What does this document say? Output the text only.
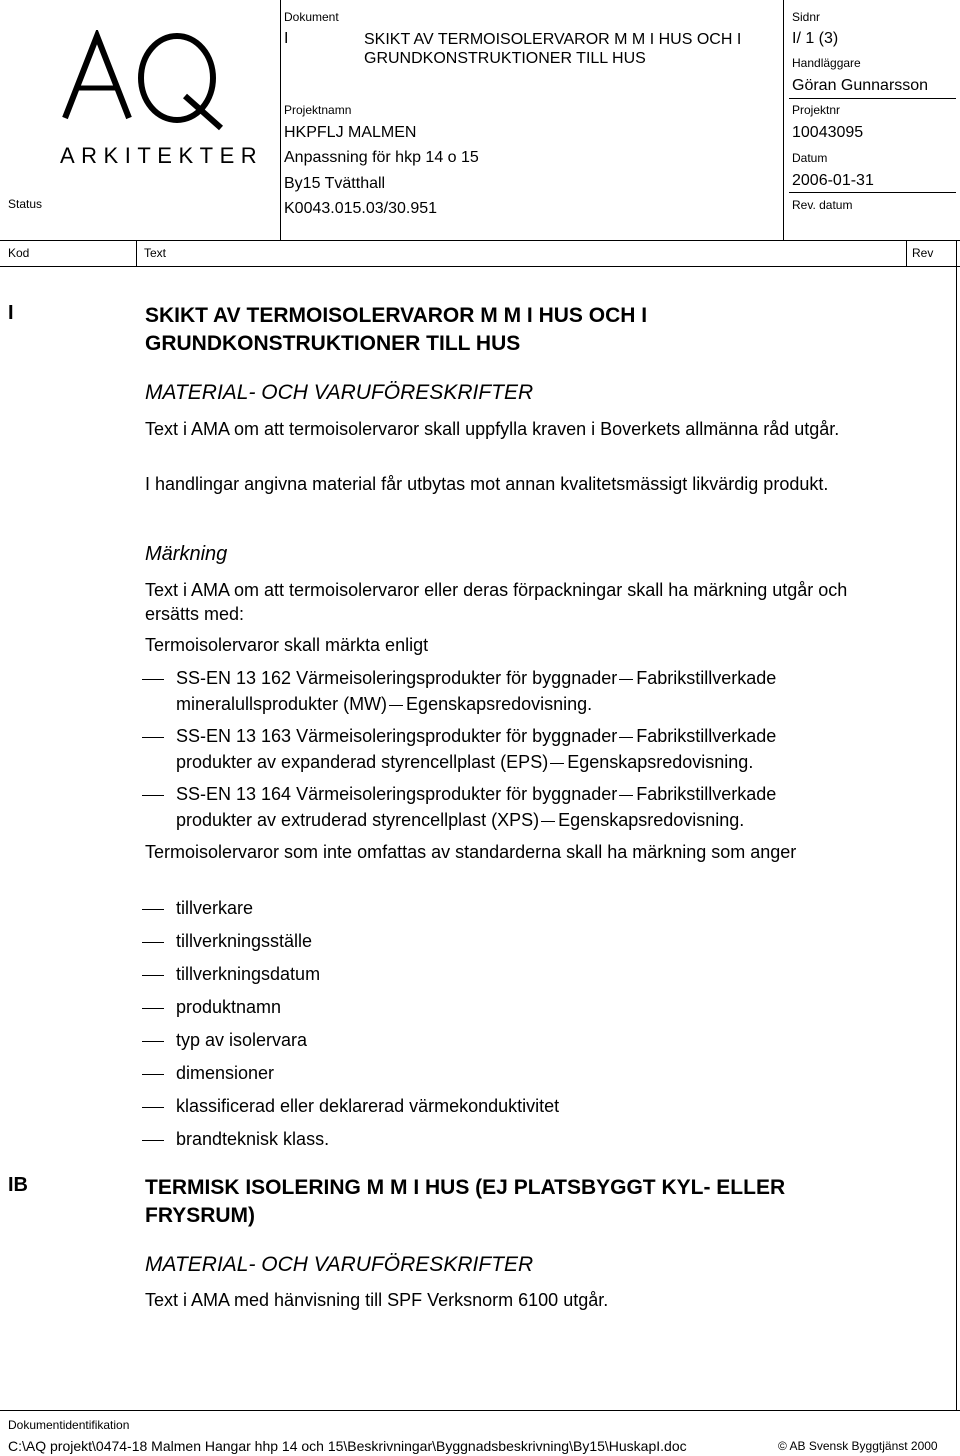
ARKITEKTER
Status
Dokument
I	SKIKT AV TERMOISOLERVAROR M M I HUS OCH I GRUNDKONSTRUKTIONER TILL HUS
Projektnamn
HKPFLJ MALMEN
Anpassning för hkp 14 o 15
By15 Tvätthall
K0043.015.03/30.951
Sidnr
I/ 1 (3)
Handläggare
Göran Gunnarsson
Projektnr
10043095
Datum
2006-01-31
Rev. datum
Kod	Text	Rev
I	SKIKT AV TERMOISOLERVAROR M M I HUS OCH I GRUNDKONSTRUKTIONER TILL HUS
MATERIAL- OCH VARUFÖRESKRIFTER

Text i AMA om att termoisolervaror skall uppfylla kraven i Boverkets allmänna råd utgår.

I handlingar angivna material får utbytas mot annan kvalitetsmässigt likvärdig produkt.

Märkning

Text i AMA om att termoisolervaror eller deras förpackningar skall ha märkning utgår och ersätts med:

Termoisolervaror skall märkta enligt

SS-EN 13 162 Värmeisoleringsprodukter för byggnader Fabrikstillverkade
mineralullsprodukter (MW) Egenskapsredovisning.
SS-EN 13 163 Värmeisoleringsprodukter för byggnader Fabrikstillverkade
produkter av expanderad styrencellplast (EPS) Egenskapsredovisning.
SS-EN 13 164 Värmeisoleringsprodukter för byggnader Fabrikstillverkade
produkter av extruderad styrencellplast (XPS) Egenskapsredovisning.

Termoisolervaror som inte omfattas av standarderna skall ha märkning som anger

tillverkare
tillverkningsställe
tillverkningsdatum
produktnamn
typ av isolervara
dimensioner
klassificerad eller deklarerad värmekonduktivitet
brandteknisk klass.
IB	TERMISK ISOLERING M M I HUS (EJ PLATSBYGGT KYL- ELLER FRYSRUM)
MATERIAL- OCH VARUFÖRESKRIFTER

Text i AMA med hänvisning till SPF Verksnorm 6100 utgår.

Dokumentidentifikation
C:\AQ projekt\0474-18 Malmen Hangar hhp 14 och 15\Beskrivningar\Byggnadsbeskrivning\By15\HuskapI.doc	© AB Svensk Byggtjänst 2000
